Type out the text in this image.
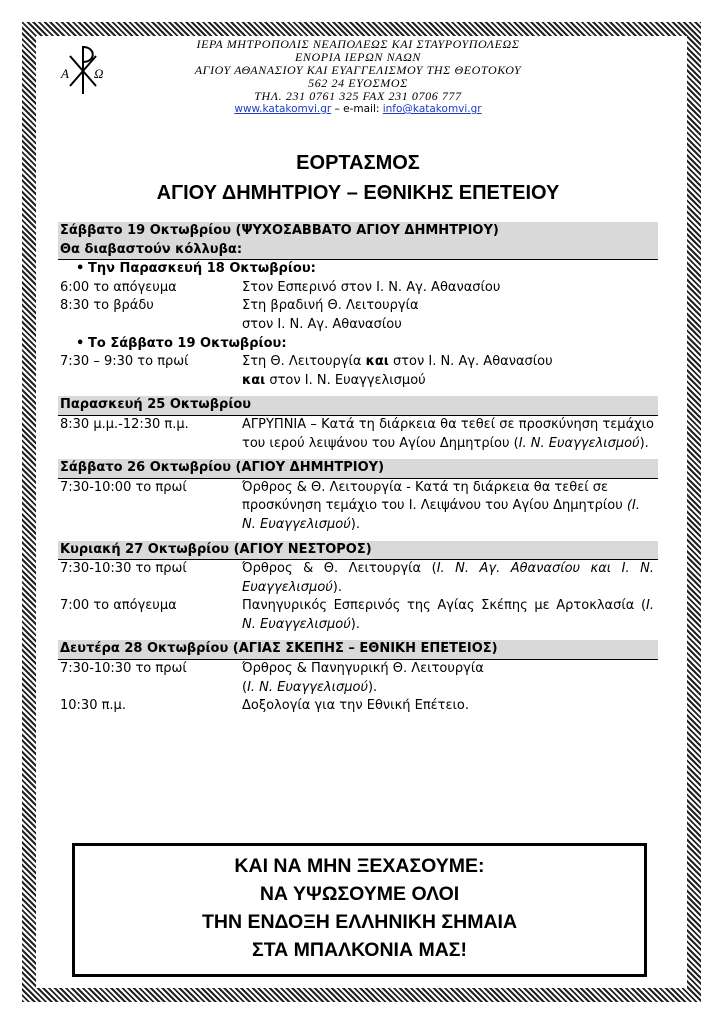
Α Ω
ΙΕΡΑ ΜΗΤΡΟΠΟΛΙΣ ΝΕΑΠΟΛΕΩΣ ΚΑΙ ΣΤΑΥΡΟΥΠΟΛΕΩΣ
ΕΝΟΡΙΑ ΙΕΡΩΝ ΝΑΩΝ
ΑΓΙΟΥ ΑΘΑΝΑΣΙΟΥ ΚΑΙ ΕΥΑΓΓΕΛΙΣΜΟΥ ΤΗΣ ΘΕΟΤΟΚΟΥ
562 24 ΕΥΟΣΜΟΣ
ΤΗΛ. 231 0761 325 FAX 231 0706 777
www.katakomvi.gr – e-mail: info@katakomvi.gr
ΕΟΡΤΑΣΜΟΣ
ΑΓΙΟΥ ΔΗΜΗΤΡΙΟΥ – ΕΘΝΙΚΗΣ ΕΠΕΤΕΙΟΥ
Σάββατο 19 Οκτωβρίου (ΨΥΧΟΣΑΒΒΑΤΟ ΑΓΙΟΥ ΔΗΜΗΤΡΙΟΥ)
Θα διαβαστούν κόλλυβα:
• Την Παρασκευή 18 Οκτωβρίου:
6:00 το απόγευμα	Στον Εσπερινό στον Ι. Ν. Αγ. Αθανασίου
8:30 το βράδυ	Στη βραδινή Θ. Λειτουργία
στον Ι. Ν. Αγ. Αθανασίου
• Το Σάββατο 19 Οκτωβρίου:
7:30 – 9:30 το πρωί	Στη Θ. Λειτουργία και στον Ι. Ν. Αγ. Αθανασίου
και στον Ι. Ν. Ευαγγελισμού
Παρασκευή 25 Οκτωβρίου
8:30 μ.μ.-12:30 π.μ.	ΑΓΡΥΠΝΙΑ – Κατά τη διάρκεια θα τεθεί σε προσκύνηση τεμάχιο του ιερού λειψάνου του Αγίου Δημητρίου (Ι. Ν. Ευαγγελισμού).
Σάββατο 26 Οκτωβρίου (ΑΓΙΟΥ ΔΗΜΗΤΡΙΟΥ)
7:30-10:00 το πρωί	Όρθρος & Θ. Λειτουργία - Κατά τη διάρκεια θα τεθεί σε προσκύνηση τεμάχιο του Ι. Λειψάνου του Αγίου Δημητρίου (Ι. Ν. Ευαγγελισμού).
Κυριακή 27 Οκτωβρίου (ΑΓΙΟΥ ΝΕΣΤΟΡΟΣ)
7:30-10:30 το πρωί	Όρθρος & Θ. Λειτουργία (Ι. Ν. Αγ. Αθανασίου και Ι. Ν. Ευαγγελισμού).
7:00 το απόγευμα	Πανηγυρικός Εσπερινός της Αγίας Σκέπης με Αρτοκλασία (Ι. Ν. Ευαγγελισμού).
Δευτέρα 28 Οκτωβρίου (ΑΓΙΑΣ ΣΚΕΠΗΣ – ΕΘΝΙΚΗ ΕΠΕΤΕΙΟΣ)
7:30-10:30 το πρωί	Όρθρος & Πανηγυρική Θ. Λειτουργία
(Ι. Ν. Ευαγγελισμού).
10:30 π.μ.	Δοξολογία για την Εθνική Επέτειο.
ΚΑΙ ΝΑ ΜΗΝ ΞΕΧΑΣΟΥΜΕ:
ΝΑ ΥΨΩΣΟΥΜΕ ΟΛΟΙ
ΤΗΝ ΕΝΔΟΞΗ ΕΛΛΗΝΙΚΗ ΣΗΜΑΙΑ
ΣΤΑ ΜΠΑΛΚΟΝΙΑ ΜΑΣ!
